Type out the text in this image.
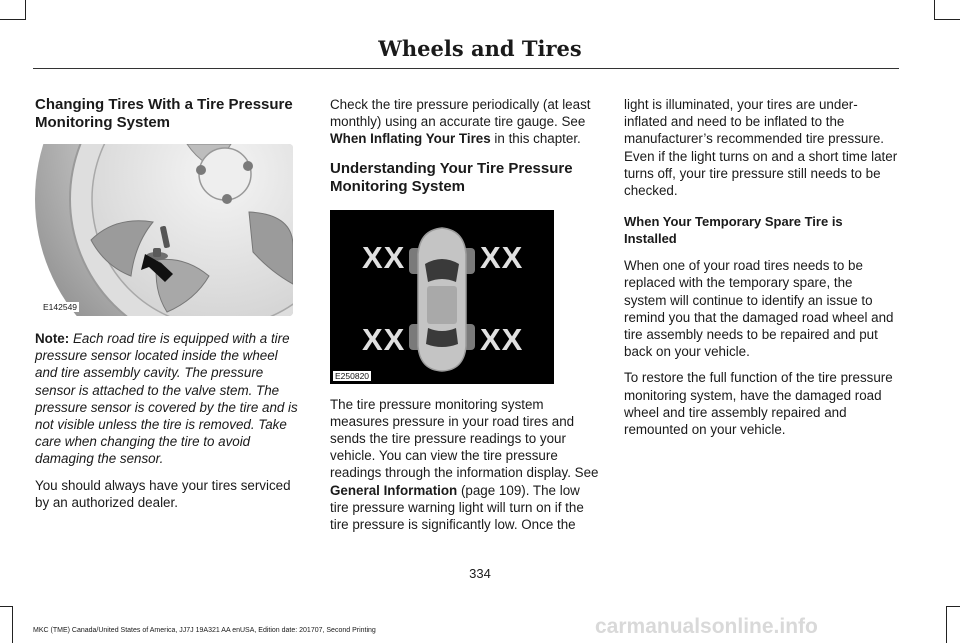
Wheels and Tires
Changing Tires With a Tire Pressure Monitoring System
E142549

Note: Each road tire is equipped with a tire pressure sensor located inside the wheel and tire assembly cavity. The pressure sensor is attached to the valve stem. The pressure sensor is covered by the tire and is not visible unless the tire is removed. Take care when changing the tire to avoid damaging the sensor.

You should always have your tires serviced by an authorized dealer.

Check the tire pressure periodically (at least monthly) using an accurate tire gauge. See When Inflating Your Tires in this chapter.

Understanding Your Tire Pressure Monitoring System
XX XX
XX XX
E250820

The tire pressure monitoring system measures pressure in your road tires and sends the tire pressure readings to your vehicle. You can view the tire pressure readings through the information display. See General Information (page 109). The low tire pressure warning light will turn on if the tire pressure is significantly low. Once the

light is illuminated, your tires are under-inflated and need to be inflated to the manufacturer’s recommended tire pressure. Even if the light turns on and a short time later turns off, your tire pressure still needs to be checked.

When Your Temporary Spare Tire is Installed

When one of your road tires needs to be replaced with the temporary spare, the system will continue to identify an issue to remind you that the damaged road wheel and tire assembly needs to be repaired and put back on your vehicle.

To restore the full function of the tire pressure monitoring system, have the damaged road wheel and tire assembly repaired and remounted on your vehicle.

334
MKC (TME) Canada/United States of America, JJ7J 19A321 AA enUSA, Edition date: 201707, Second Printing	carmanualsonline.info
